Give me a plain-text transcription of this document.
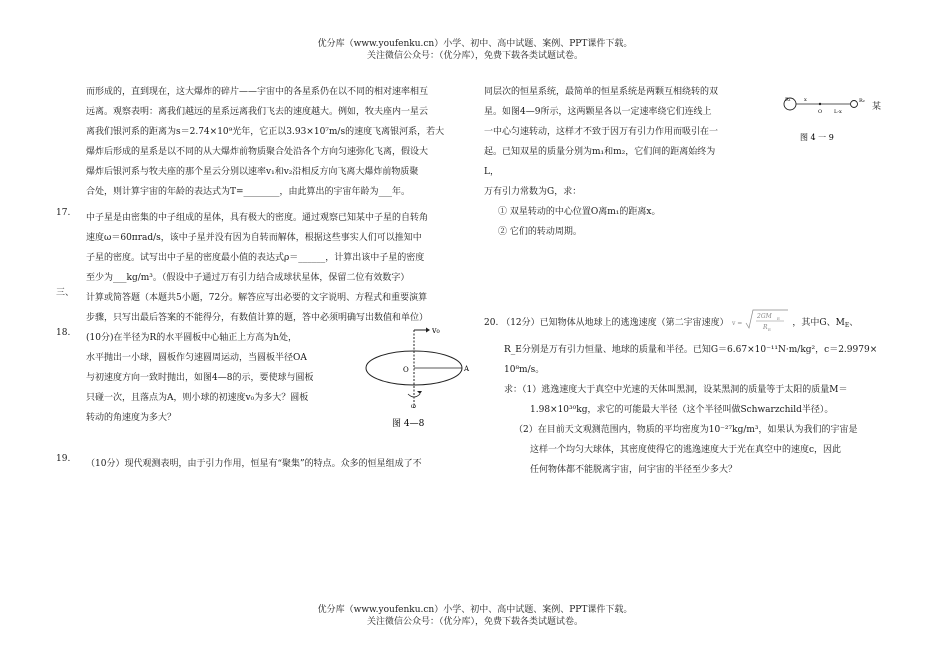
优分库（www.youfenku.cn）小学、初中、高中试题、案例、PPT课件下载。
关注微信公众号：（优分库），免费下载各类试题试卷。
而形成的，直到现在，这大爆炸的碎片——宇宙中的各星系仍在以不同的相对速率相互
远离。观察表明：离我们越远的星系远离我们飞去的速度越大。例如，牧夫座内一星云
离我们银河系的距离为s＝2.74×10⁹光年，它正以3.93×10⁷m/s的速度飞离银河系，若大
爆炸后形成的星系是以不同的从大爆炸前物质聚合处沿各个方向匀速弥化飞离，假设大
爆炸后银河系与牧夫座的那个星云分别以速率v₁和v₂沿相反方向飞离大爆炸前物质聚
合处，则计算宇宙的年龄的表达式为T=________，由此算出的宇宙年龄为___年。
17.	中子星是由密集的中子组成的星体，具有极大的密度。通过观察已知某中子星的自转角
速度ω＝60πrad/s，该中子星并没有因为自转而解体，根据这些事实人们可以推知中
子星的密度。试写出中子星的密度最小值的表达式ρ＝______，计算出该中子星的密度
至少为___kg/m³。（假设中子通过万有引力结合成球状星体，保留二位有效数字）
三、	计算或简答题（本题共5小题，72分。解答应写出必要的文字说明、方程式和重要演算
步骤，只写出最后答案的不能得分，有数值计算的题，答中必须明确写出数值和单位）
18.	(10分)在半径为R的水平圆板中心轴正上方高为h处，
水平抛出一小球，圆板作匀速圆周运动，当圆板半径OA
与初速度方向一致时抛出，如图4—8的示，要使球与圆板
只碰一次，且落点为A，则小球的初速度v₀为多大？圆板
转动的角速度为多大？
v₀
O	A
ω
图 4—8
19.	（10分）现代观测表明，由于引力作用，恒星有“聚集”的特点。众多的恒星组成了不
同层次的恒星系统，最简单的恒星系统是两颗互相绕转的双
星。如图4—9所示，这两颗星各以一定速率绕它们连线上
一中心匀速转动，这样才不致于因万有引力作用而吸引在一
起。已知双星的质量分别为m₁和m₂，它们间的距离始终为
L，
万有引力常数为G，求：
① 双星转动的中心位置O离m₁的距离x。
② 它们的转动周期。
某
R₁	R₂
x
O L-x
图 4 一 9
20. （12分）已知物体从地球上的逃逸速度（第二宇宙速度） v =
2GM E
R E
，其中G、$M_E$、
R_E分别是万有引力恒量、地球的质量和半径。已知G＝6.67×10⁻¹¹N·m/kg²，c＝2.9979×
10⁸m/s。
求：（1）逃逸速度大于真空中光速的天体叫黑洞，设某黑洞的质量等于太阳的质量M＝
1.98×10³⁰kg，求它的可能最大半径（这个半径叫做Schwarzchild半径）。
（2）在目前天文观测范围内，物质的平均密度为10⁻²⁷kg/m³，如果认为我们的宇宙是
这样一个均匀大球体，其密度使得它的逃逸速度大于光在真空中的速度c，因此
任何物体都不能脱离宇宙，问宇宙的半径至少多大？
优分库（www.youfenku.cn）小学、初中、高中试题、案例、PPT课件下载。
关注微信公众号：（优分库），免费下载各类试题试卷。
